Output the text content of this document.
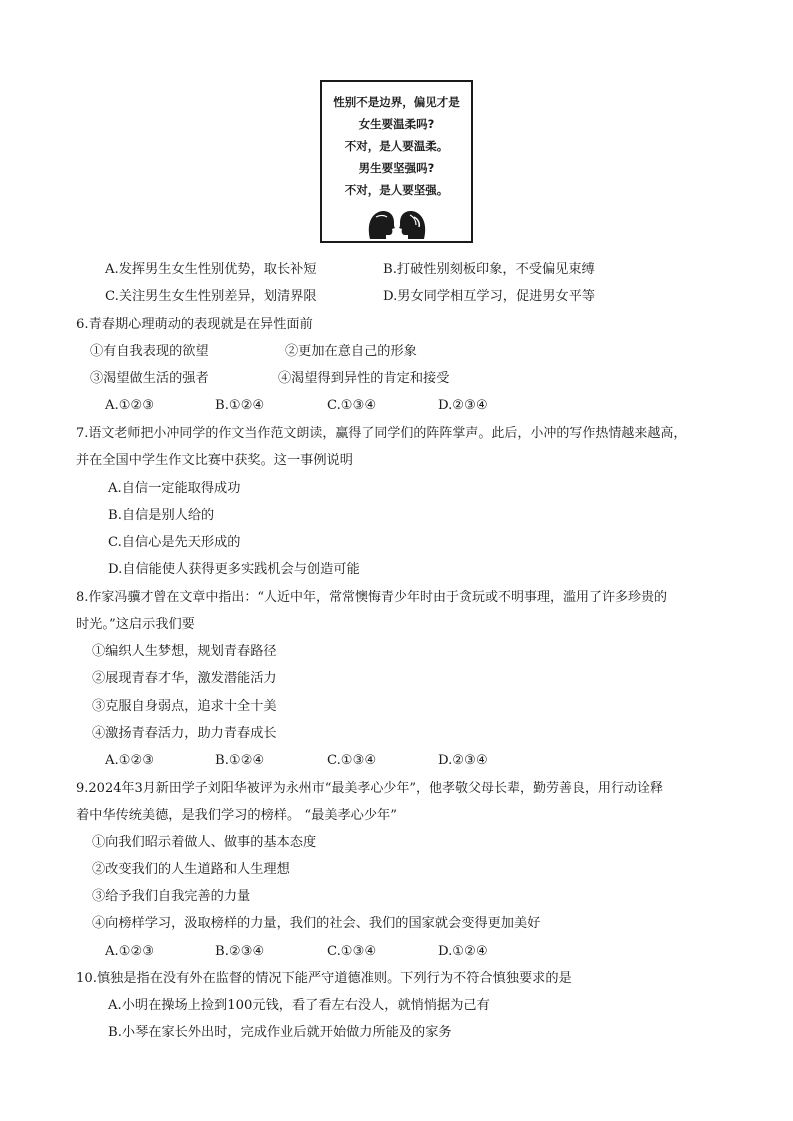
性别不是边界，偏见才是
女生要温柔吗?
不对，是人要温柔。
男生要坚强吗?
不对，是人要坚强。
A.发挥男生女生性别优势，取长补短	B.打破性别刻板印象，不受偏见束缚
C.关注男生女生性别差异，划清界限	D.男女同学相互学习，促进男女平等
6.青春期心理萌动的表现就是在异性面前
①有自我表现的欲望	②更加在意自己的形象
③渴望做生活的强者	④渴望得到异性的肯定和接受
A.①②③	B.①②④	C.①③④	D.②③④
7.语文老师把小冲同学的作文当作范文朗读，赢得了同学们的阵阵掌声。此后，小冲的写作热情越来越高，
并在全国中学生作文比赛中获奖。这一事例说明
A.自信一定能取得成功
B.自信是别人给的
C.自信心是先天形成的
D.自信能使人获得更多实践机会与创造可能
8.作家冯骥才曾在文章中指出：“人近中年，常常懊悔青少年时由于贪玩或不明事理，滥用了许多珍贵的
时光。”这启示我们要
①编织人生梦想，规划青春路径
②展现青春才华，激发潜能活力
③克服自身弱点，追求十全十美
④激扬青春活力，助力青春成长
A.①②③	B.①②④	C.①③④	D.②③④
9.2024年3月新田学子刘阳华被评为永州市“最美孝心少年”，他孝敬父母长辈，勤劳善良，用行动诠释
着中华传统美德，是我们学习的榜样。 “最美孝心少年”
①向我们昭示着做人、做事的基本态度
②改变我们的人生道路和人生理想
③给予我们自我完善的力量
④向榜样学习，汲取榜样的力量，我们的社会、我们的国家就会变得更加美好
A.①②③	B.②③④	C.①③④	D.①②④
10.慎独是指在没有外在监督的情况下能严守道德准则。下列行为不符合慎独要求的是
A.小明在操场上捡到100元钱，看了看左右没人，就悄悄据为己有
B.小琴在家长外出时，完成作业后就开始做力所能及的家务
